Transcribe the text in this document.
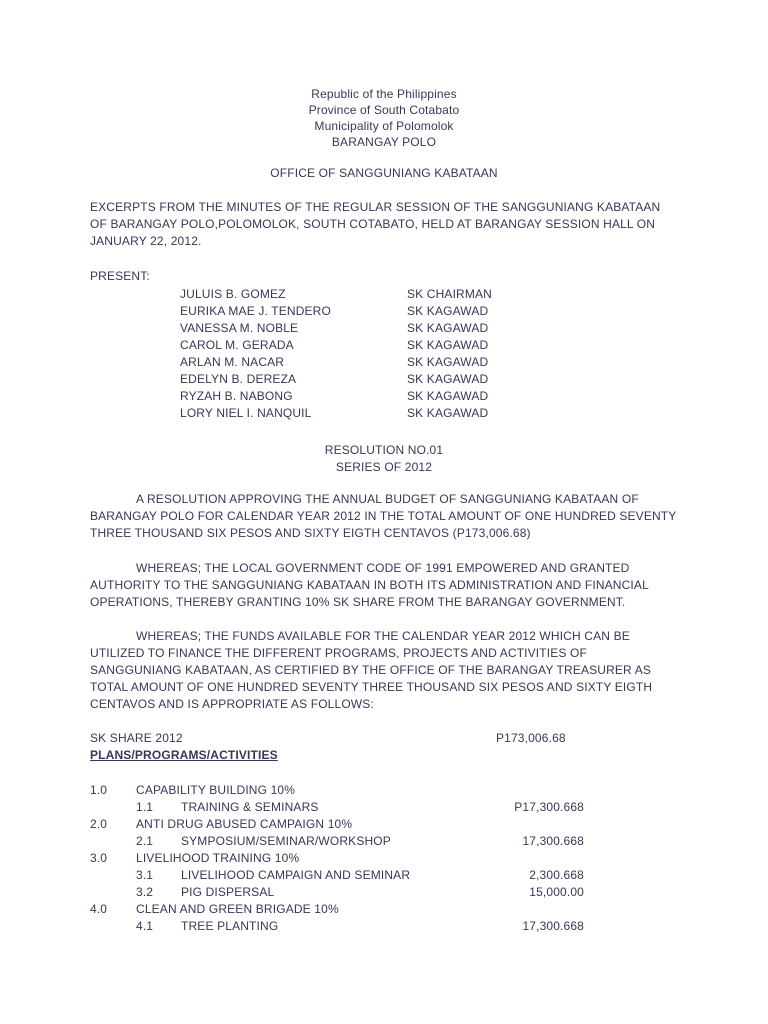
Republic of the Philippines
Province of South Cotabato
Municipality of Polomolok
BARANGAY POLO
OFFICE OF SANGGUNIANG KABATAAN
EXCERPTS FROM THE MINUTES OF THE REGULAR SESSION OF THE SANGGUNIANG KABATAAN OF BARANGAY POLO,POLOMOLOK, SOUTH COTABATO, HELD AT BARANGAY SESSION HALL ON JANUARY 22, 2012.
PRESENT:
JULUIS B. GOMEZ	SK CHAIRMAN
EURIKA MAE J. TENDERO	SK KAGAWAD
VANESSA M. NOBLE	SK KAGAWAD
CAROL M. GERADA	SK KAGAWAD
ARLAN M. NACAR	SK KAGAWAD
EDELYN B. DEREZA	SK KAGAWAD
RYZAH B. NABONG	SK KAGAWAD
LORY NIEL I. NANQUIL	SK KAGAWAD
RESOLUTION NO.01
SERIES OF 2012
A RESOLUTION APPROVING THE ANNUAL BUDGET OF SANGGUNIANG KABATAAN OF BARANGAY POLO FOR CALENDAR YEAR 2012 IN THE TOTAL AMOUNT OF ONE HUNDRED SEVENTY THREE THOUSAND SIX PESOS AND SIXTY EIGTH CENTAVOS (P173,006.68)
WHEREAS; THE LOCAL GOVERNMENT CODE OF 1991 EMPOWERED AND GRANTED AUTHORITY TO THE SANGGUNIANG KABATAAN IN BOTH ITS ADMINISTRATION AND FINANCIAL OPERATIONS, THEREBY GRANTING 10% SK SHARE FROM THE BARANGAY GOVERNMENT.
WHEREAS; THE FUNDS AVAILABLE FOR THE CALENDAR YEAR 2012 WHICH CAN BE UTILIZED TO FINANCE THE DIFFERENT PROGRAMS, PROJECTS AND ACTIVITIES OF SANGGUNIANG KABATAAN, AS CERTIFIED BY THE OFFICE OF THE BARANGAY TREASURER AS TOTAL AMOUNT OF ONE HUNDRED SEVENTY THREE THOUSAND SIX PESOS AND SIXTY EIGTH CENTAVOS AND IS APPROPRIATE AS FOLLOWS:
SK SHARE 2012	P173,006.68
PLANS/PROGRAMS/ACTIVITIES
1.0 CAPABILITY BUILDING 10%
1.1 TRAINING & SEMINARS	P17,300.668
2.0 ANTI DRUG ABUSED CAMPAIGN 10%
2.1 SYMPOSIUM/SEMINAR/WORKSHOP	17,300.668
3.0 LIVELIHOOD TRAINING 10%
3.1 LIVELIHOOD CAMPAIGN AND SEMINAR	2,300.668
3.2 PIG DISPERSAL	15,000.00
4.0 CLEAN AND GREEN BRIGADE 10%
4.1 TREE PLANTING	17,300.668
